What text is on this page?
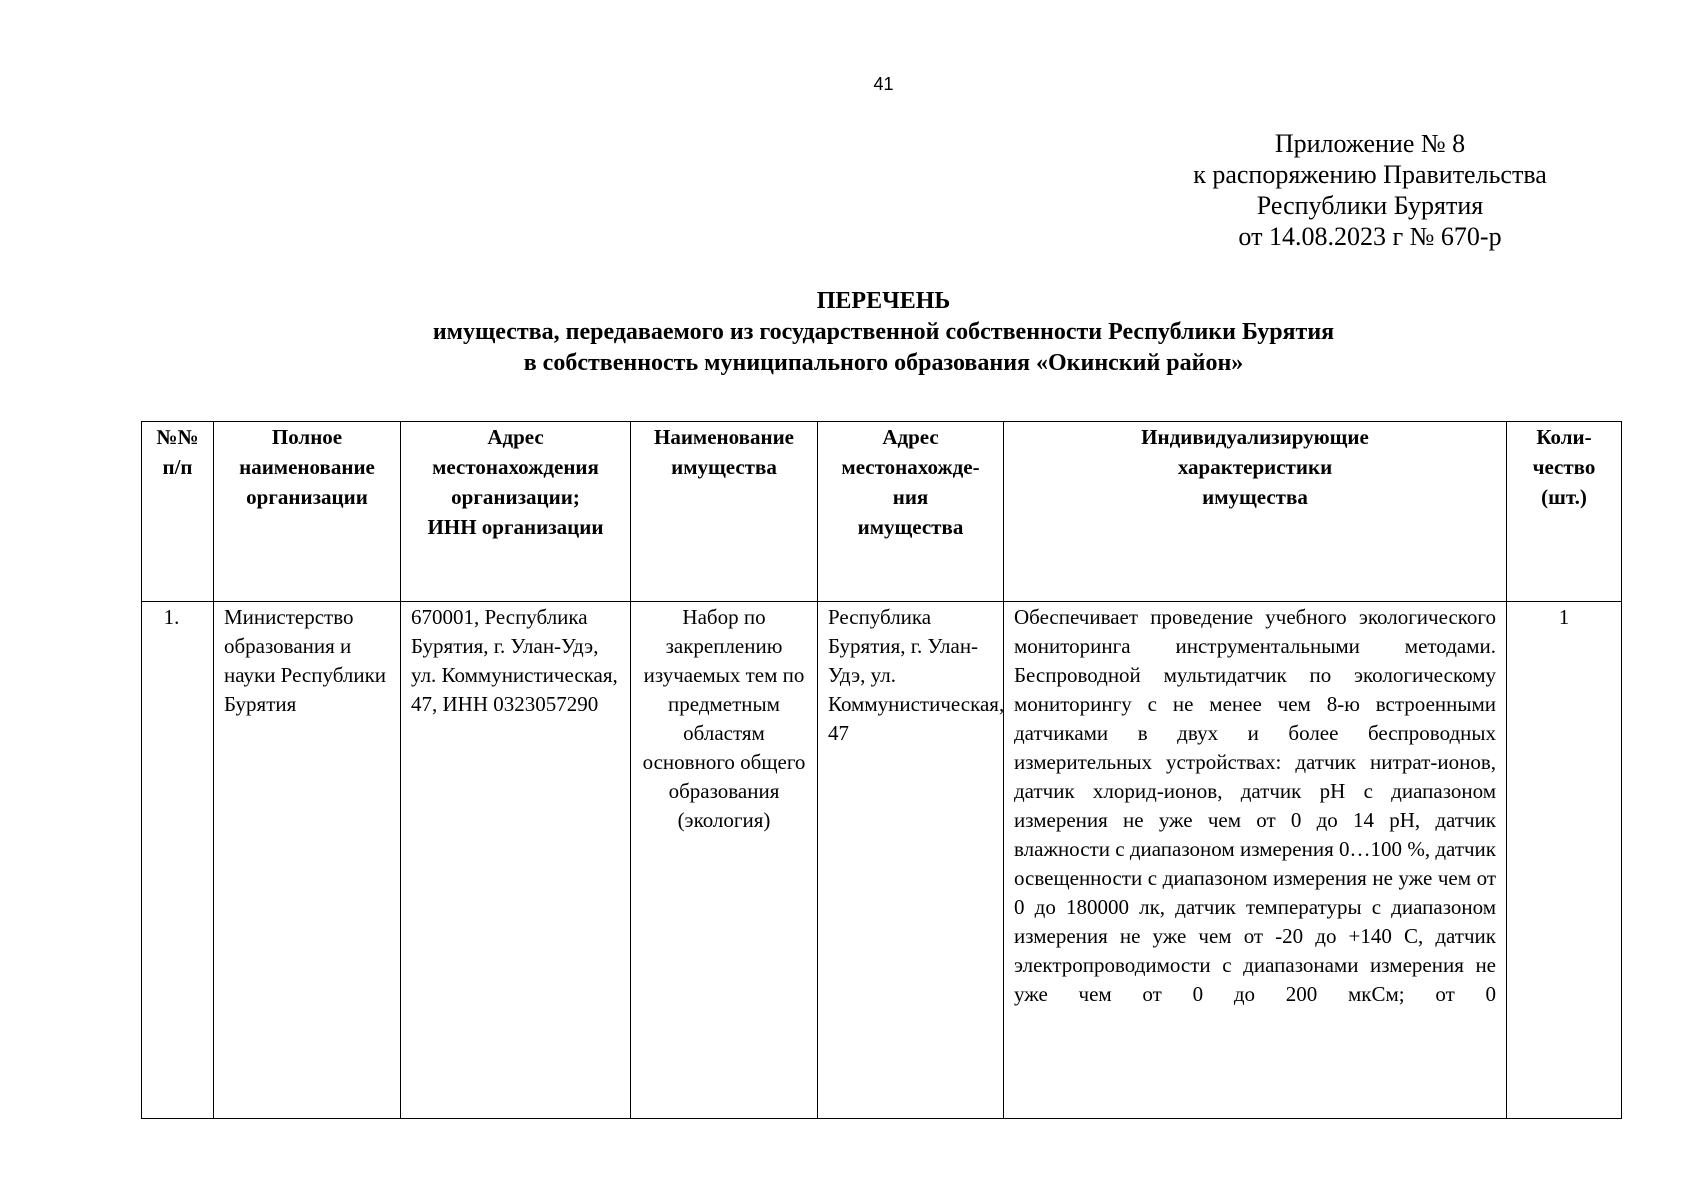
41
Приложение № 8
к распоряжению Правительства
Республики Бурятия
от 14.08.2023 г № 670-р
ПЕРЕЧЕНЬ
имущества, передаваемого из государственной собственности Республики Бурятия
в собственность муниципального образования «Окинский район»
№№
п/п	Полное
наименование
организации	Адрес
местонахождения
организации;
ИНН организации	Наименование
имущества	Адрес
местонахожде-
ния
имущества	Индивидуализирующие
характеристики
имущества	Коли-
чество
(шт.)
1.	Министерство образования и науки Республики Бурятия	670001, Республика Бурятия, г. Улан-Удэ, ул. Коммунистическая, 47, ИНН 0323057290	Набор по закреплению изучаемых тем по предметным областям основного общего образования (экология)	Республика Бурятия, г. Улан-Удэ, ул. Коммунистическая, 47	Обеспечивает проведение учебного экологического мониторинга инструментальными методами. Беспроводной мультидатчик по экологическому мониторингу с не менее чем 8-ю встроенными датчиками в двух и более беспроводных измерительных устройствах: датчик нитрат-ионов, датчик хлорид-ионов, датчик pH с диапазоном измерения не уже чем от 0 до 14 pH, датчик влажности с диапазоном измерения 0…100 %, датчик освещенности с диапазоном измерения не уже чем от 0 до 180000 лк, датчик температуры с диапазоном измерения не уже чем от -20 до +140 С, датчик электропроводимости с диапазонами измерения не уже чем от 0 до 200 мкСм; от 0	1
